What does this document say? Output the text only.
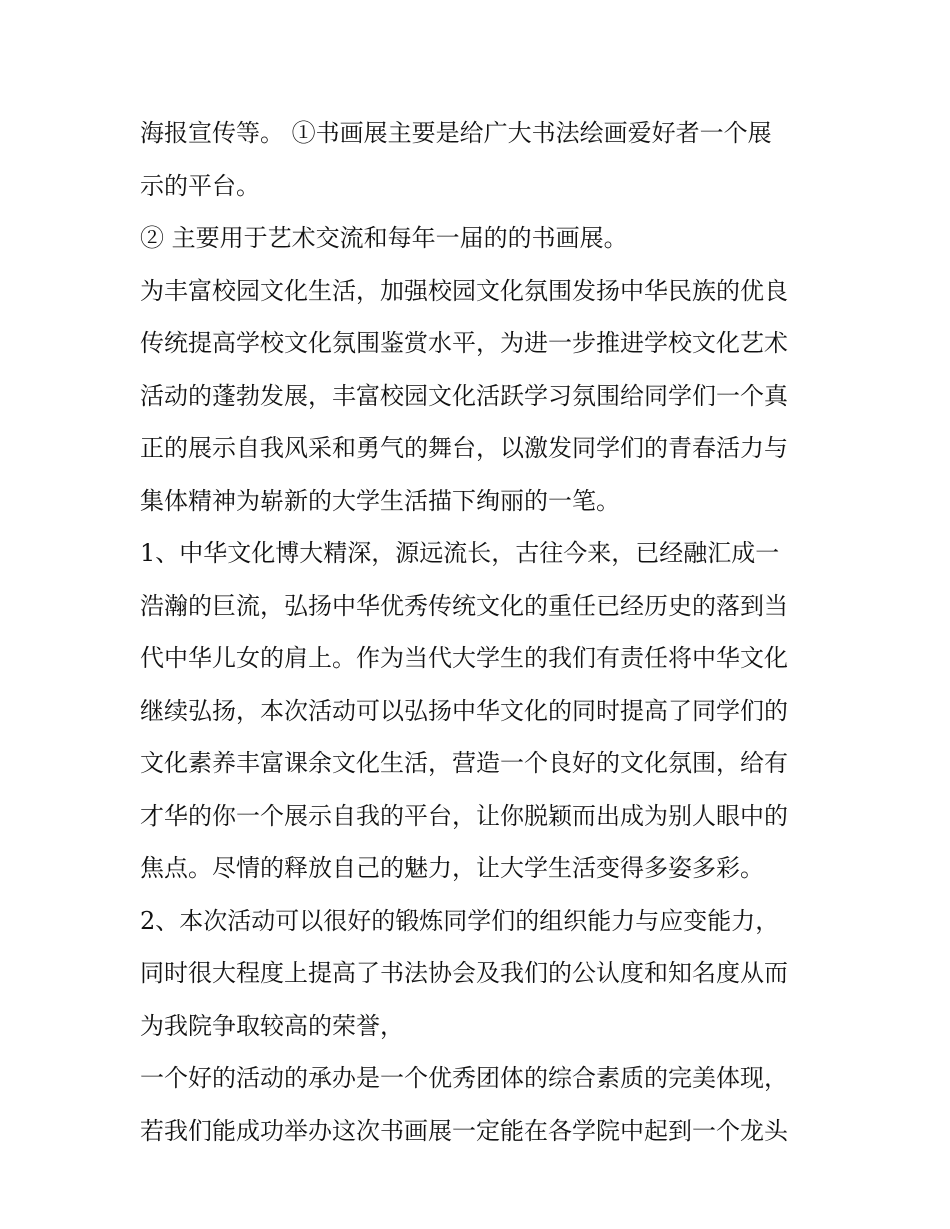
海报宣传等。 ①书画展主要是给广大书法绘画爱好者一个展

示的平台。

② 主要用于艺术交流和每年一届的的书画展。

为丰富校园文化生活，加强校园文化氛围发扬中华民族的优良

传统提高学校文化氛围鉴赏水平，为进一步推进学校文化艺术

活动的蓬勃发展，丰富校园文化活跃学习氛围给同学们一个真

正的展示自我风采和勇气的舞台，以激发同学们的青春活力与

集体精神为崭新的大学生活描下绚丽的一笔。

1、中华文化博大精深，源远流长，古往今来，已经融汇成一

浩瀚的巨流，弘扬中华优秀传统文化的重任已经历史的落到当

代中华儿女的肩上。作为当代大学生的我们有责任将中华文化

继续弘扬，本次活动可以弘扬中华文化的同时提高了同学们的

文化素养丰富课余文化生活，营造一个良好的文化氛围，给有

才华的你一个展示自我的平台，让你脱颖而出成为别人眼中的

焦点。尽情的释放自己的魅力，让大学生活变得多姿多彩。

2、本次活动可以很好的锻炼同学们的组织能力与应变能力，

同时很大程度上提高了书法协会及我们的公认度和知名度从而

为我院争取较高的荣誉，

一个好的活动的承办是一个优秀团体的综合素质的完美体现，

若我们能成功举办这次书画展一定能在各学院中起到一个龙头
